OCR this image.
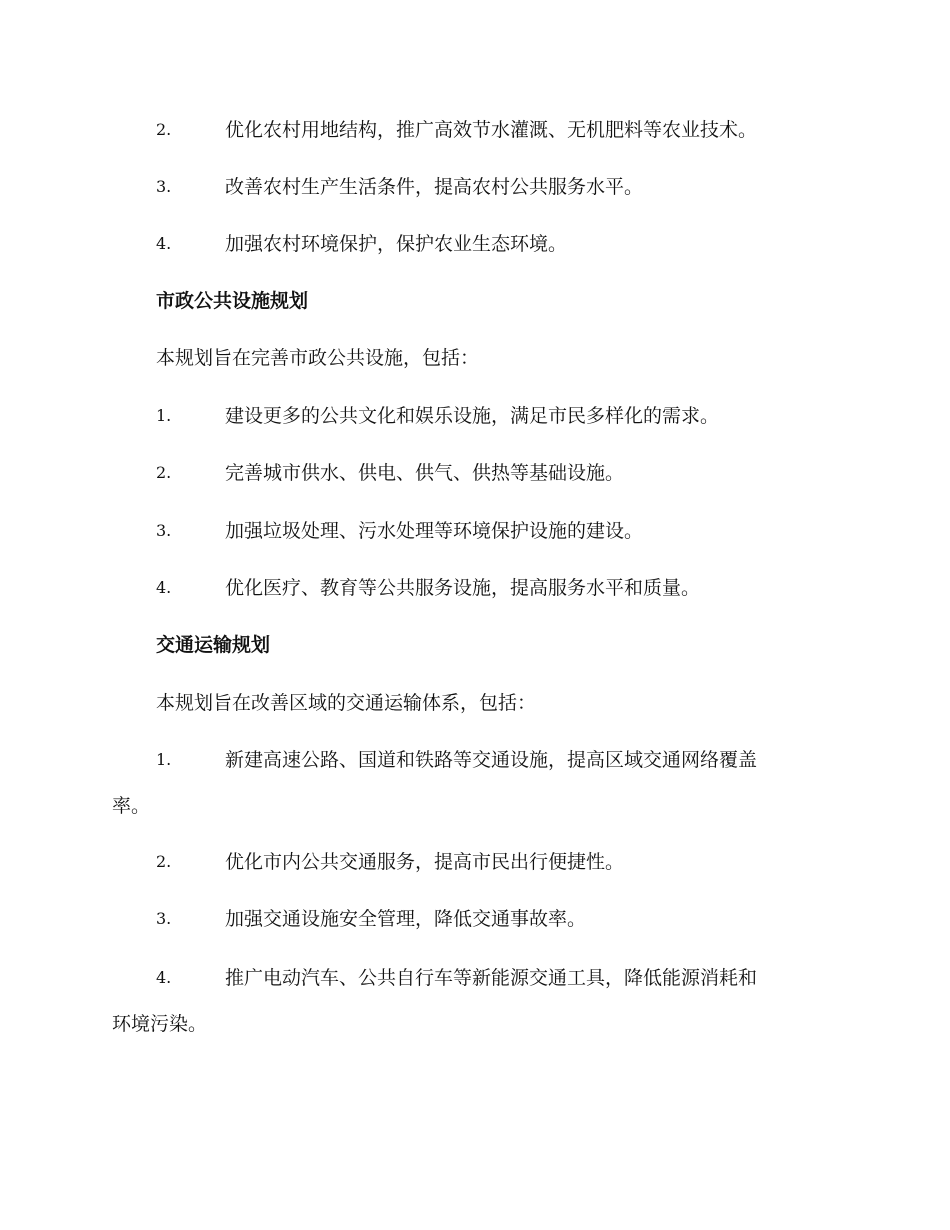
2.	优化农村用地结构，推广高效节水灌溉、无机肥料等农业技术。
3.	改善农村生产生活条件，提高农村公共服务水平。
4.	加强农村环境保护，保护农业生态环境。
市政公共设施规划
本规划旨在完善市政公共设施，包括：
1.	建设更多的公共文化和娱乐设施，满足市民多样化的需求。
2.	完善城市供水、供电、供气、供热等基础设施。
3.	加强垃圾处理、污水处理等环境保护设施的建设。
4.	优化医疗、教育等公共服务设施，提高服务水平和质量。
交通运输规划
本规划旨在改善区域的交通运输体系，包括：
1.	新建高速公路、国道和铁路等交通设施，提高区域交通网络覆盖
率。
2.	优化市内公共交通服务，提高市民出行便捷性。
3.	加强交通设施安全管理，降低交通事故率。
4.	推广电动汽车、公共自行车等新能源交通工具，降低能源消耗和
环境污染。
